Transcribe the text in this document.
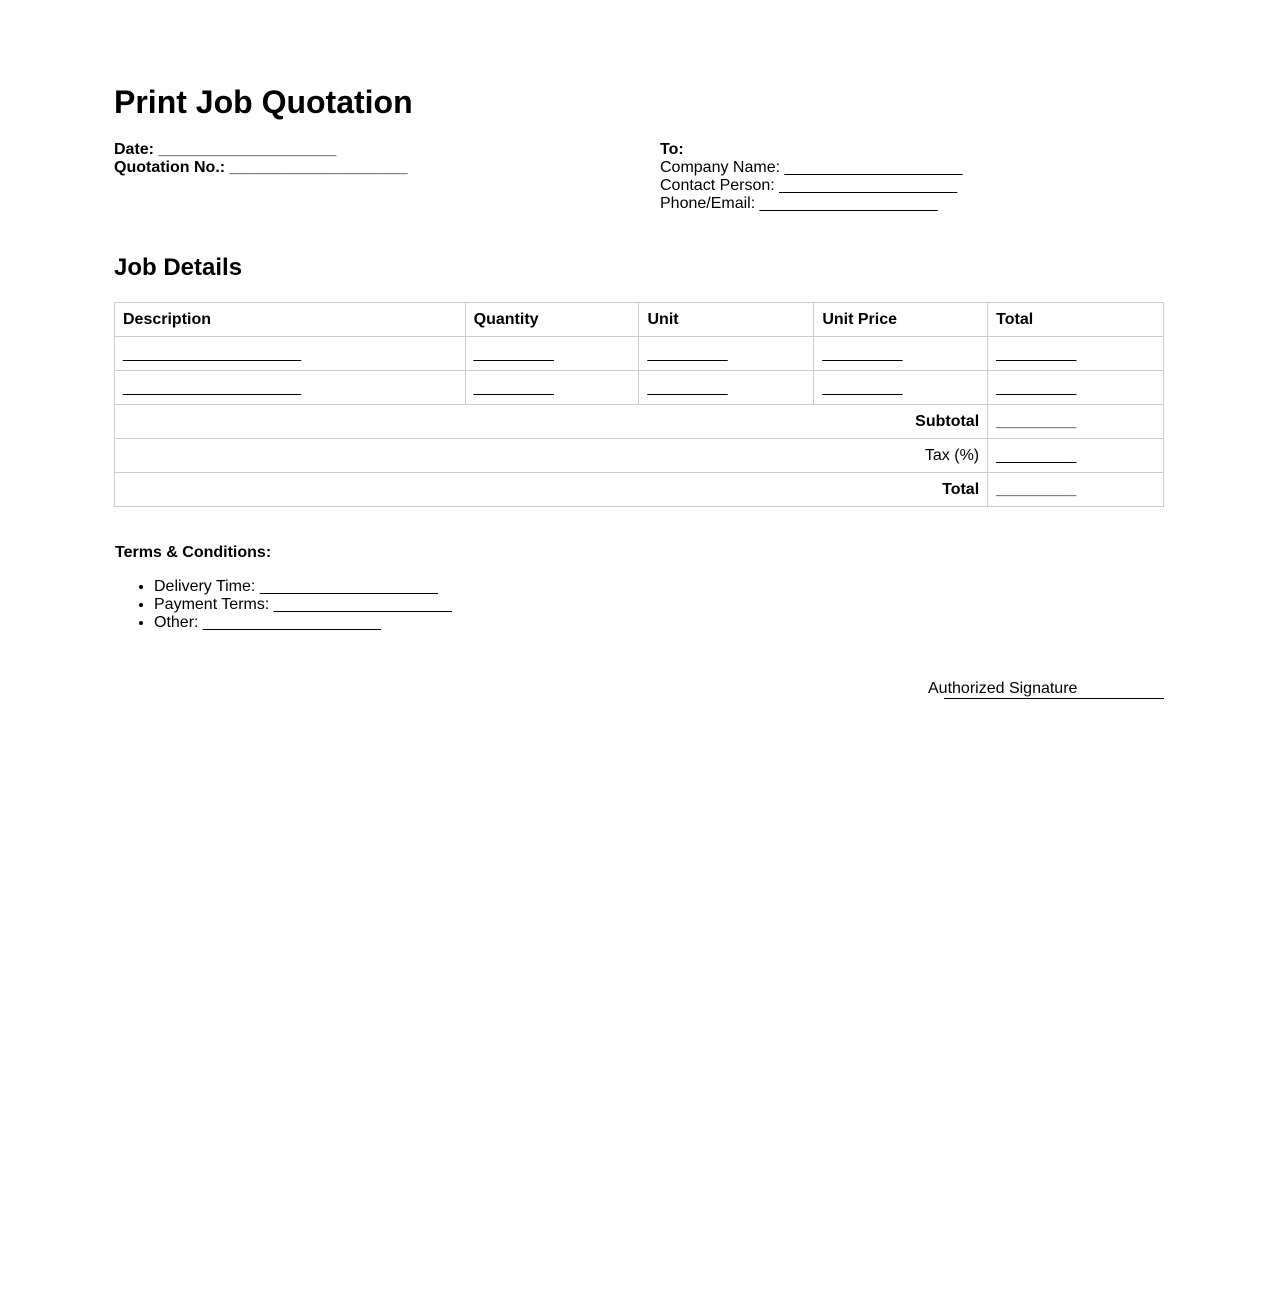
Print Job Quotation
Date: ____________________
Quotation No.: ____________________
To:
Company Name: ____________________
Contact Person: ____________________
Phone/Email: ____________________
Job Details
Description	Quantity	Unit	Unit Price	Total
____________________	_________	_________	_________	_________
____________________	_________	_________	_________	_________
Subtotal				_________
Tax (%)				_________
Total				_________
Terms & Conditions:
• Delivery Time: ____________________
• Payment Terms: ____________________
• Other: ____________________
Authorized Signature
